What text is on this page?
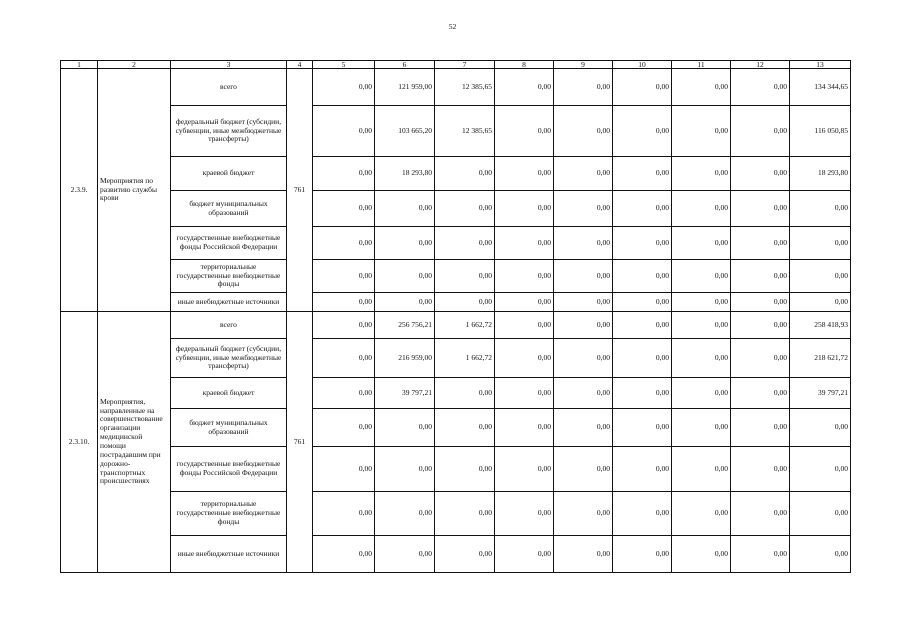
52
1	2	3	4	5	6	7	8	9	10	11	12	13
2.3.9.	Мероприятия по развитию службы крови	всего	761	0,00	121 959,00	12 385,65	0,00	0,00	0,00	0,00	0,00	134 344,65
		федеральный бюджет (субсидии, субвенции, иные межбюджетные трансферты)		0,00	103 665,20	12 385,65	0,00	0,00	0,00	0,00	0,00	116 050,85
		краевой бюджет		0,00	18 293,80	0,00	0,00	0,00	0,00	0,00	0,00	18 293,80
		бюджет муниципальных образований		0,00	0,00	0,00	0,00	0,00	0,00	0,00	0,00	0,00
		государственные внебюджетные фонды Российской Федерации		0,00	0,00	0,00	0,00	0,00	0,00	0,00	0,00	0,00
		территориальные государственные внебюджетные фонды		0,00	0,00	0,00	0,00	0,00	0,00	0,00	0,00	0,00
		иные внебюджетные источники		0,00	0,00	0,00	0,00	0,00	0,00	0,00	0,00	0,00
2.3.10.	Мероприятия, направленные на совершенствование организации медицинской помощи пострадавшим при дорожно-транспортных происшествиях	всего	761	0,00	256 756,21	1 662,72	0,00	0,00	0,00	0,00	0,00	258 418,93
		федеральный бюджет (субсидии, субвенции, иные межбюджетные трансферты)		0,00	216 959,00	1 662,72	0,00	0,00	0,00	0,00	0,00	218 621,72
		краевой бюджет		0,00	39 797,21	0,00	0,00	0,00	0,00	0,00	0,00	39 797,21
		бюджет муниципальных образований		0,00	0,00	0,00	0,00	0,00	0,00	0,00	0,00	0,00
		государственные внебюджетные фонды Российской Федерации		0,00	0,00	0,00	0,00	0,00	0,00	0,00	0,00	0,00
		территориальные государственные внебюджетные фонды		0,00	0,00	0,00	0,00	0,00	0,00	0,00	0,00	0,00
		иные внебюджетные источники		0,00	0,00	0,00	0,00	0,00	0,00	0,00	0,00	0,00
